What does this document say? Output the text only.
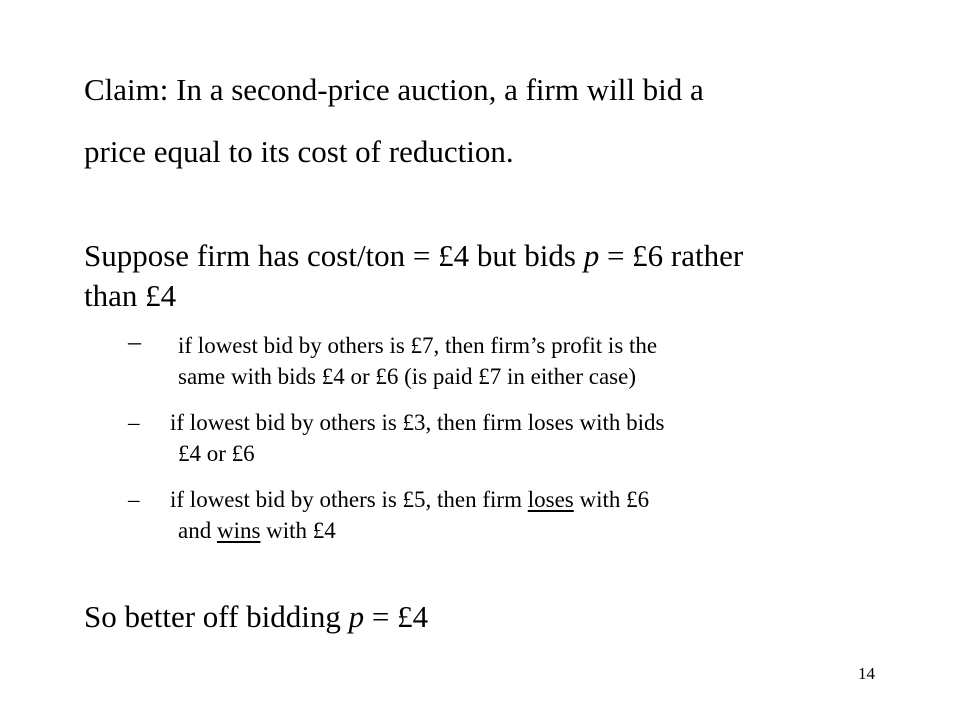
Claim: In a second-price auction, a firm will bid a
price equal to its cost of reduction.
Suppose firm has cost/ton = £4 but bids p = £6 rather
than £4
–	if lowest bid by others is £7, then firm’s profit is the
same with bids £4 or £6 (is paid £7 in either case)
–	if lowest bid by others is £3, then firm loses with bids
£4 or £6
–	if lowest bid by others is £5, then firm loses with £6
and wins with £4
So better off bidding p = £4
14
